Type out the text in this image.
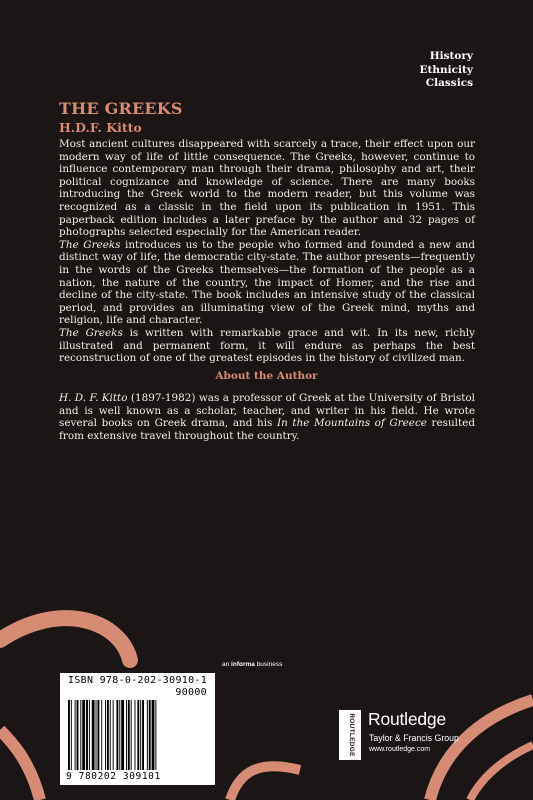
History
Ethnicity
Classics
THE GREEKS
H.D.F. Kitto

Most ancient cultures disappeared with scarcely a trace, their effect upon our modern way of life of little consequence. The Greeks, however, continue to influence contemporary man through their drama, philosophy and art, their political cognizance and knowledge of science. There are many books introducing the Greek world to the modern reader, but this volume was recognized as a classic in the field upon its publication in 1951. This paperback edition includes a later preface by the author and 32 pages of photographs selected especially for the American reader.

The Greeks introduces us to the people who formed and founded a new and distinct way of life, the democratic city-state. The author presents—frequently in the words of the Greeks themselves—the formation of the people as a nation, the nature of the country, the impact of Homer, and the rise and decline of the city-state. The book includes an intensive study of the classical period, and provides an illuminating view of the Greek mind, myths and religion, life and character.

The Greeks is written with remarkable grace and wit. In its new, richly illustrated and permanent form, it will endure as perhaps the best reconstruction of one of the greatest episodes in the history of civilized man.

About the Author

H. D. F. Kitto (1897-1982) was a professor of Greek at the University of Bristol and is well known as a scholar, teacher, and writer in his field. He wrote several books on Greek drama, and his In the Mountains of Greece resulted from extensive travel throughout the country.

an informa business
ISBN 978-0-202-30910-1
90000
9 780202 309101
ROUTLEDGE Routledge
Taylor & Francis Group
www.routledge.com
